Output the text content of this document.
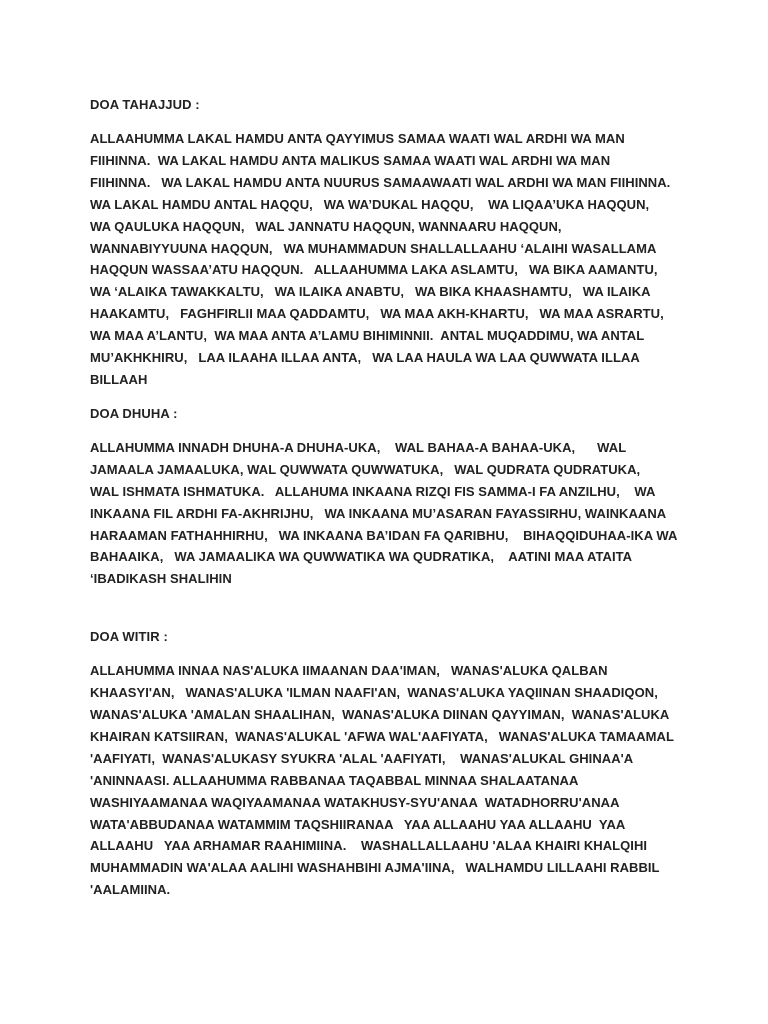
DOA TAHAJJUD :

ALLAAHUMMA LAKAL HAMDU ANTA QAYYIMUS SAMAA WAATI WAL ARDHI WA MAN
FIIHINNA.  WA LAKAL HAMDU ANTA MALIKUS SAMAA WAATI WAL ARDHI WA MAN
FIIHINNA.   WA LAKAL HAMDU ANTA NUURUS SAMAAWAATI WAL ARDHI WA MAN FIIHINNA.
WA LAKAL HAMDU ANTAL HAQQU,   WA WA’DUKAL HAQQU,    WA LIQAA’UKA HAQQUN,
WA QAULUKA HAQQUN,   WAL JANNATU HAQQUN, WANNAARU HAQQUN,
WANNABIYYUUNA HAQQUN,   WA MUHAMMADUN SHALLALLAAHU ‘ALAIHI WASALLAMA
HAQQUN WASSAA’ATU HAQQUN.   ALLAAHUMMA LAKA ASLAMTU,   WA BIKA AAMANTU,
WA ‘ALAIKA TAWAKKALTU,   WA ILAIKA ANABTU,   WA BIKA KHAASHAMTU,   WA ILAIKA
HAAKAMTU,   FAGHFIRLII MAA QADDAMTU,   WA MAA AKH-KHARTU,   WA MAA ASRARTU,
WA MAA A’LANTU,  WA MAA ANTA A’LAMU BIHIMINNII.  ANTAL MUQADDIMU, WA ANTAL
MU’AKHKHIRU,   LAA ILAAHA ILLAA ANTA,   WA LAA HAULA WA LAA QUWWATA ILLAA
BILLAAH

DOA DHUHA :

ALLAHUMMA INNADH DHUHA-A DHUHA-UKA,    WAL BAHAA-A BAHAA-UKA,      WAL
JAMAALA JAMAALUKA, WAL QUWWATA QUWWATUKA,   WAL QUDRATA QUDRATUKA,
WAL ISHMATA ISHMATUKA.   ALLAHUMA INKAANA RIZQI FIS SAMMA-I FA ANZILHU,    WA
INKAANA FIL ARDHI FA-AKHRIJHU,   WA INKAANA MU’ASARAN FAYASSIRHU, WAINKAANA
HARAAMAN FATHAHHIRHU,   WA INKAANA BA’IDAN FA QARIBHU,    BIHAQQIDUHAA-IKA WA
BAHAAIKA,   WA JAMAALIKA WA QUWWATIKA WA QUDRATIKA,    AATINI MAA ATAITA
‘IBADIKASH SHALIHIN

DOA WITIR :

ALLAHUMMA INNAA NAS'ALUKA IIMAANAN DAA'IMAN,   WANAS'ALUKA QALBAN
KHAASYI'AN,   WANAS'ALUKA 'ILMAN NAAFI'AN,  WANAS'ALUKA YAQIINAN SHAADIQON,
WANAS'ALUKA 'AMALAN SHAALIHAN,  WANAS'ALUKA DIINAN QAYYIMAN,  WANAS'ALUKA
KHAIRAN KATSIIRAN,  WANAS'ALUKAL 'AFWA WAL'AAFIYATA,   WANAS'ALUKA TAMAAMAL
'AAFIYATI,  WANAS'ALUKASY SYUKRA 'ALAL 'AAFIYATI,    WANAS'ALUKAL GHINAA'A
'ANINNAASI. ALLAAHUMMA RABBANAA TAQABBAL MINNAA SHALAATANAA
WASHIYAAMANAA WAQIYAAMANAA WATAKHUSY-SYU'ANAA  WATADHORRU'ANAA
WATA'ABBUDANAA WATAMMIM TAQSHIIRANAA   YAA ALLAAHU YAA ALLAAHU  YAA
ALLAAHU   YAA ARHAMAR RAAHIMIINA.    WASHALLALLAAHU 'ALAA KHAIRI KHALQIHI
MUHAMMADIN WA'ALAA AALIHI WASHAHBIHI AJMA'IINA,   WALHAMDU LILLAAHI RABBIL
'AALAMIINA.
